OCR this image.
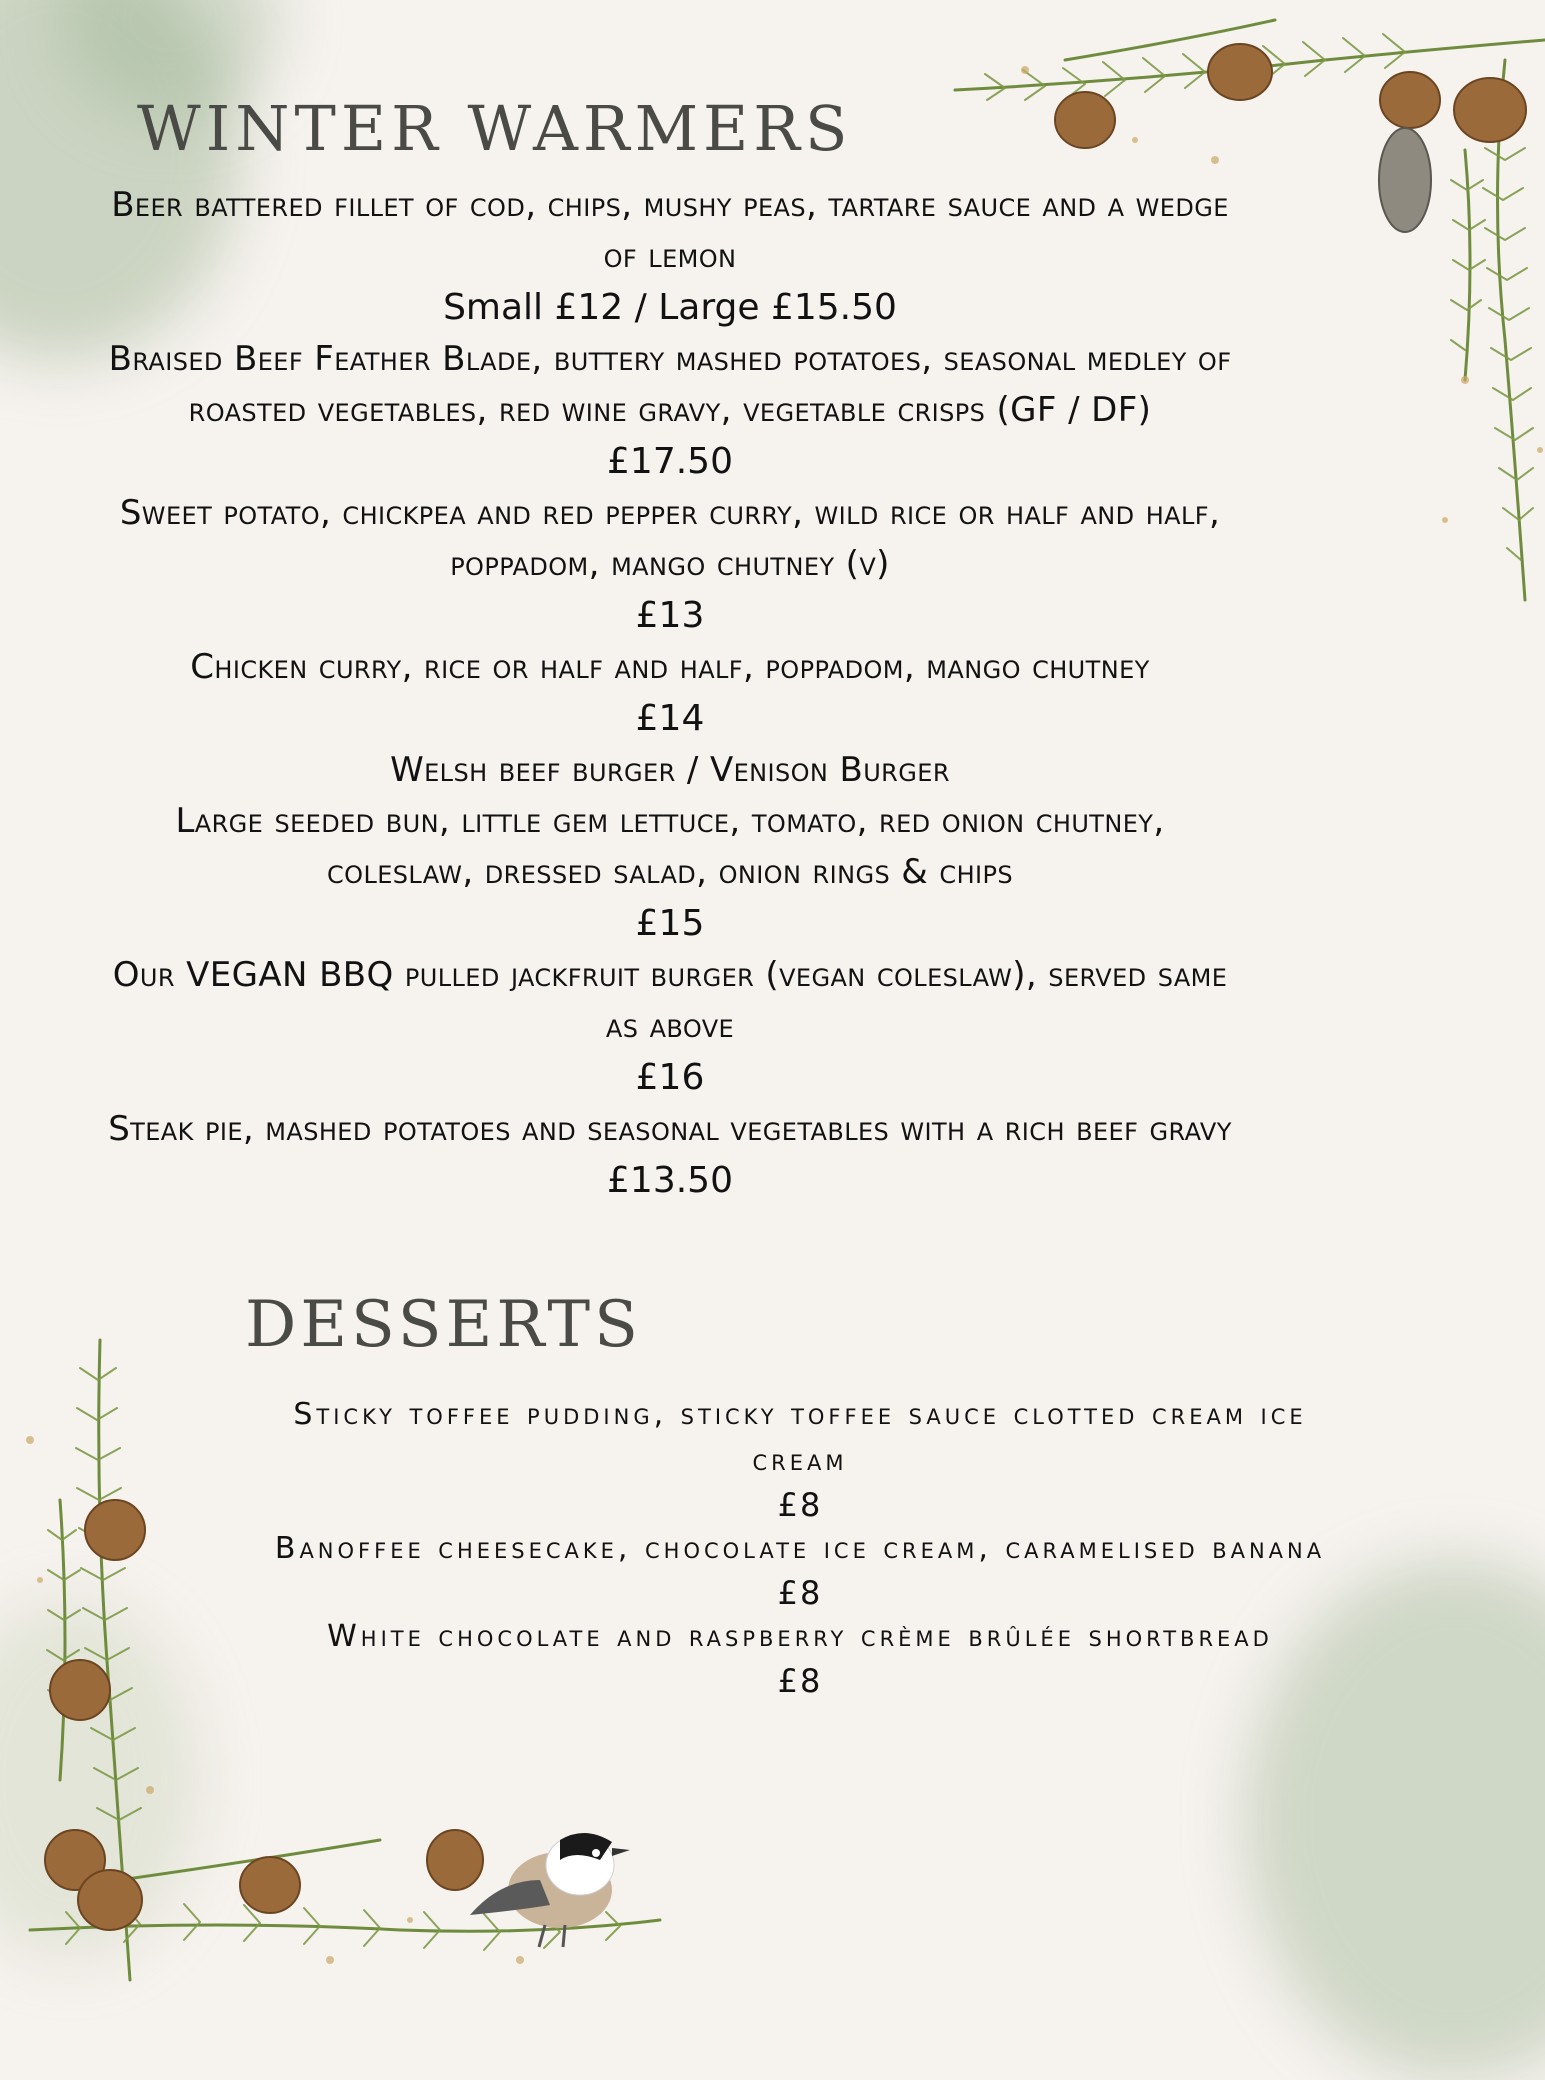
WINTER WARMERS
Beer battered fillet of cod, chips, mushy peas, tartare sauce and a wedge of lemon
Small £12 / Large £15.50
Braised Beef Feather Blade, buttery mashed potatoes, seasonal medley of roasted vegetables, red wine gravy, vegetable crisps (GF / DF)
£17.50
Sweet potato, chickpea and red pepper curry, wild rice or half and half, poppadom, mango chutney (v)
£13
Chicken curry, rice or half and half, poppadom, mango chutney
£14
Welsh beef burger / Venison Burger
Large seeded bun, little gem lettuce, tomato, red onion chutney, coleslaw, dressed salad, onion rings & chips
£15
Our VEGAN BBQ pulled jackfruit burger (vegan coleslaw), served same as above
£16
Steak pie, mashed potatoes and seasonal vegetables with a rich beef gravy
£13.50
DESSERTS
Sticky toffee pudding, sticky toffee sauce clotted cream ice cream
£8
Banoffee cheesecake, chocolate ice cream, caramelised banana
£8
White chocolate and raspberry crème brûlée shortbread
£8
